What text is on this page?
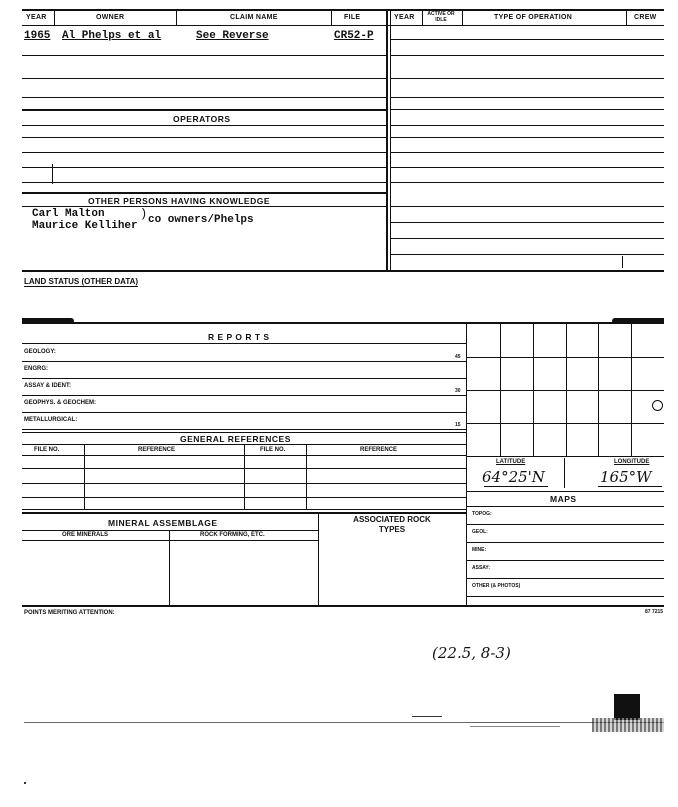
YEAR	OWNER	CLAIM NAME	FILE	YEAR	ACTIVE OR IDLE	TYPE OF OPERATION	CREW
1965 Al Phelps et al	See Reverse	CR52-P
OPERATORS
OTHER PERSONS HAVING KNOWLEDGE
Carl Malton
Maurice Kelliher
) co owners/Phelps
LAND STATUS (OTHER DATA)
R E P O R T S
GEOLOGY:
45
ENGRG:
ASSAY & IDENT:
30
GEOPHYS. & GEOCHEM:
METALLURGICAL:
15
LATITUDE	LONGITUDE
64°25'N	165°W
MAPS
TOPOG:
GEOL:
MINE:
ASSAY:
OTHER (& PHOTOS)
GENERAL REFERENCES
FILE NO.	REFERENCE	FILE NO.	REFERENCE
MINERAL ASSEMBLAGE	ASSOCIATED ROCK TYPES
ORE MINERALS	ROCK FORMING, ETC.
POINTS MERITING ATTENTION:	87 7215
(22.5, 8-3)
